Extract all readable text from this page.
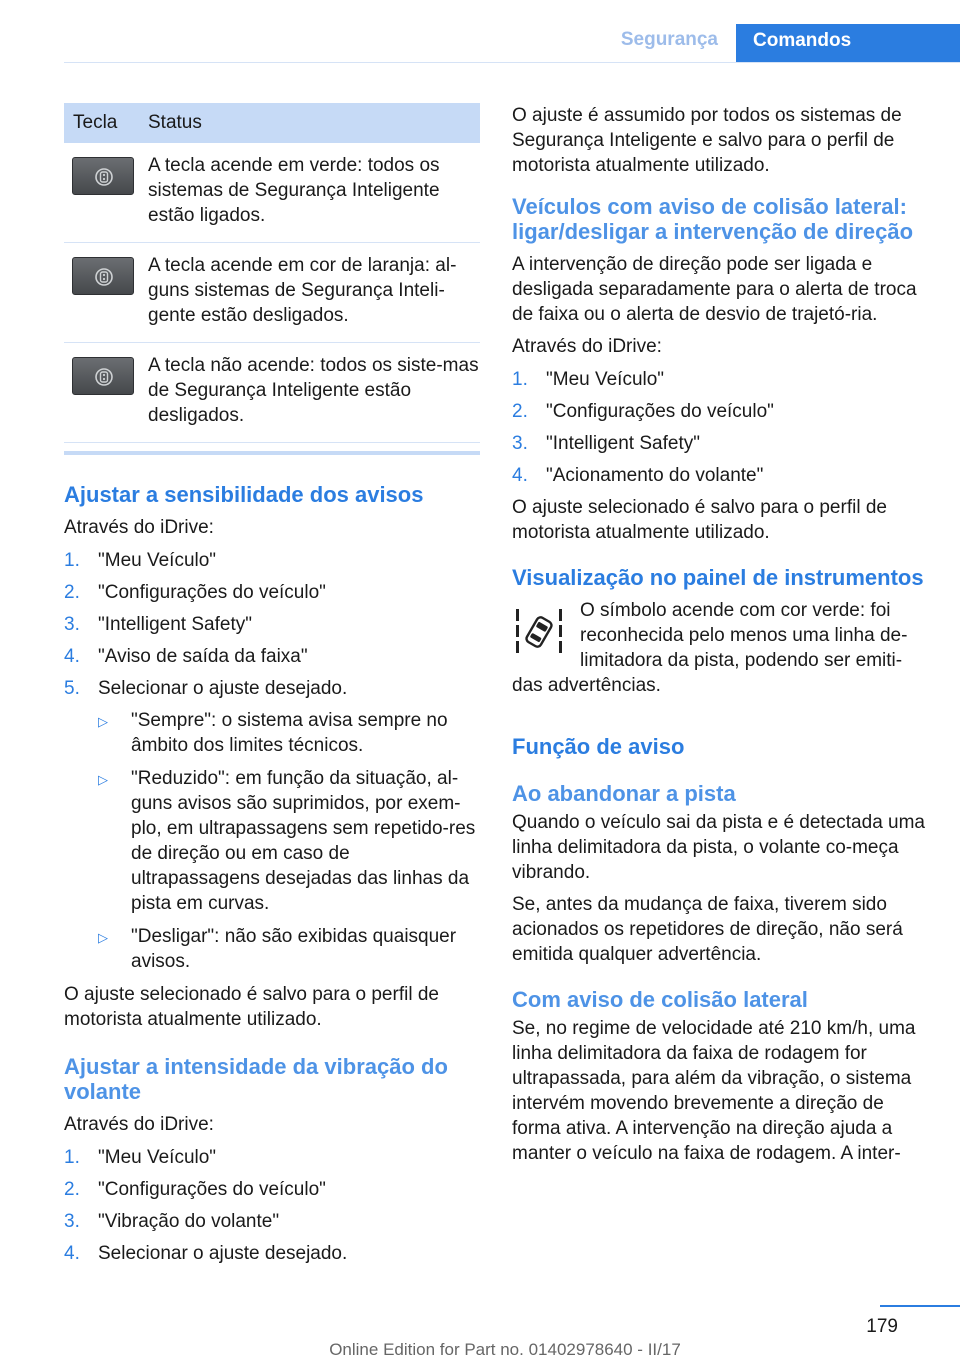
Segurança	Comandos
Tecla	Status
A tecla acende em verde: todos os sistemas de Segurança Inteligente estão ligados.
A tecla acende em cor de laranja: al-guns sistemas de Segurança Inteli-gente estão desligados.
A tecla não acende: todos os siste-mas de Segurança Inteligente estão desligados.
Ajustar a sensibilidade dos avisos

Através do iDrive:

1. "Meu Veículo"
2. "Configurações do veículo"
3. "Intelligent Safety"
4. "Aviso de saída da faixa"
5. Selecionar o ajuste desejado.
▷	"Sempre": o sistema avisa sempre no âmbito dos limites técnicos.
▷	"Reduzido": em função da situação, al-guns avisos são suprimidos, por exem-plo, em ultrapassagens sem repetido-res de direção ou em caso de ultrapassagens desejadas das linhas da pista em curvas.
▷	"Desligar": não são exibidas quaisquer avisos.

O ajuste selecionado é salvo para o perfil de motorista atualmente utilizado.

Ajustar a intensidade da vibração do volante

Através do iDrive:

1. "Meu Veículo"
2. "Configurações do veículo"
3. "Vibração do volante"
4. Selecionar o ajuste desejado.

O ajuste é assumido por todos os sistemas de Segurança Inteligente e salvo para o perfil de motorista atualmente utilizado.

Veículos com aviso de colisão lateral: ligar/desligar a intervenção de direção

A intervenção de direção pode ser ligada e desligada separadamente para o alerta de troca de faixa ou o alerta de desvio de trajetó-ria.

Através do iDrive:

1. "Meu Veículo"
2. "Configurações do veículo"
3. "Intelligent Safety"
4. "Acionamento do volante"

O ajuste selecionado é salvo para o perfil de motorista atualmente utilizado.

Visualização no painel de instrumentos

O símbolo acende com cor verde: foi reconhecida pelo menos uma linha de-limitadora da pista, podendo ser emiti-das advertências.

Função de aviso
Ao abandonar a pista

Quando o veículo sai da pista e é detectada uma linha delimitadora da pista, o volante co-meça vibrando.

Se, antes da mudança de faixa, tiverem sido acionados os repetidores de direção, não será emitida qualquer advertência.

Com aviso de colisão lateral

Se, no regime de velocidade até 210 km/h, uma linha delimitadora da faixa de rodagem for ultrapassada, para além da vibração, o sistema intervém movendo brevemente a direção de forma ativa. A intervenção na direção ajuda a manter o veículo na faixa de rodagem. A inter-

179
Online Edition for Part no. 01402978640 - II/17
